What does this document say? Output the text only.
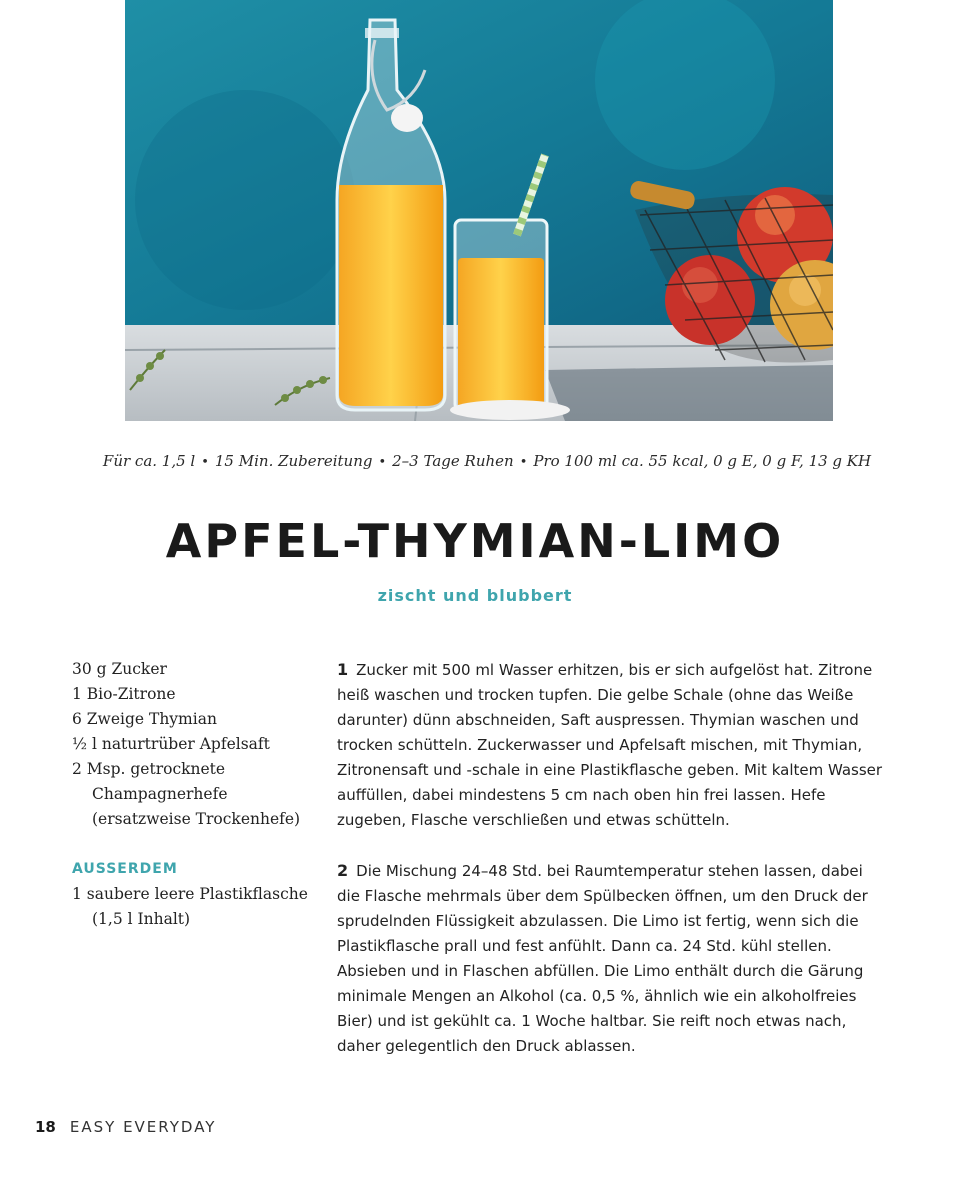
Für ca. 1,5 l • 15 Min. Zubereitung • 2–3 Tage Ruhen • Pro 100 ml ca. 55 kcal, 0 g E, 0 g F, 13 g KH
APFEL-THYMIAN-LIMO
zischt und blubbert
30 g Zucker
1 Bio-Zitrone
6 Zweige Thymian
½ l naturtrüber Apfelsaft
2 Msp. getrocknete Champagnerhefe (ersatzweise Trockenhefe)
AUSSERDEM
1 saubere leere Plastikflasche (1,5 l Inhalt)

1 Zucker mit 500 ml Wasser erhitzen, bis er sich aufgelöst hat. Zitrone heiß waschen und trocken tupfen. Die gelbe Schale (ohne das Weiße darunter) dünn abschneiden, Saft auspressen. Thymian waschen und trocken schütteln. Zuckerwasser und Apfelsaft mischen, mit Thymian, Zitronensaft und -schale in eine Plastikflasche geben. Mit kaltem Wasser auffüllen, dabei mindestens 5 cm nach oben hin frei lassen. Hefe zugeben, Flasche verschließen und etwas schütteln.

2 Die Mischung 24–48 Std. bei Raumtemperatur stehen lassen, dabei die Flasche mehrmals über dem Spülbecken öffnen, um den Druck der sprudelnden Flüssigkeit abzulassen. Die Limo ist fertig, wenn sich die Plastikflasche prall und fest anfühlt. Dann ca. 24 Std. kühl stellen. Absieben und in Flaschen abfüllen. Die Limo enthält durch die Gärung minimale Mengen an Alkohol (ca. 0,5 %, ähnlich wie ein alkoholfreies Bier) und ist gekühlt ca. 1 Woche haltbar. Sie reift noch etwas nach, daher gelegentlich den Druck ablassen.

18 EASY EVERYDAY
